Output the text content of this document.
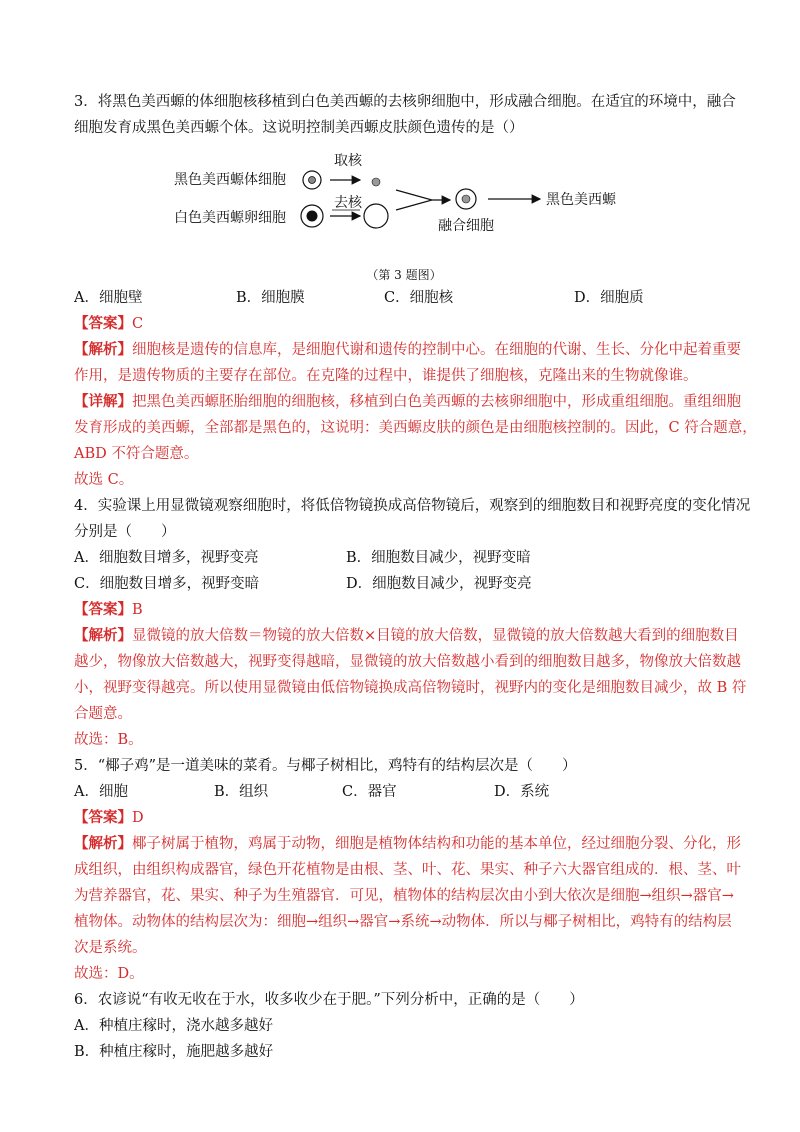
3．将黑色美西螈的体细胞核移植到白色美西螈的去核卵细胞中，形成融合细胞。在适宜的环境中，融合
细胞发育成黑色美西螈个体。这说明控制美西螈皮肤颜色遗传的是（）
黑色美西螈体细胞
白色美西螈卵细胞
取核
去核
融合细胞
黑色美西螈
（第 3 题图）
A．细胞壁	B．细胞膜	C．细胞核	D．细胞质
【答案】C
【解析】细胞核是遗传的信息库，是细胞代谢和遗传的控制中心。在细胞的代谢、生长、分化中起着重要
作用，是遗传物质的主要存在部位。在克隆的过程中，谁提供了细胞核，克隆出来的生物就像谁。
【详解】把黑色美西螈胚胎细胞的细胞核，移植到白色美西螈的去核卵细胞中，形成重组细胞。重组细胞
发育形成的美西螈，全部都是黑色的，这说明：美西螈皮肤的颜色是由细胞核控制的。因此，C 符合题意，
ABD 不符合题意。
故选 C。
4．实验课上用显微镜观察细胞时，将低倍物镜换成高倍物镜后，观察到的细胞数目和视野亮度的变化情况
分别是（　　）
A．细胞数目增多，视野变亮	B．细胞数目减少，视野变暗
C．细胞数目增多，视野变暗	D．细胞数目减少，视野变亮
【答案】B
【解析】显微镜的放大倍数＝物镜的放大倍数×目镜的放大倍数，显微镜的放大倍数越大看到的细胞数目
越少，物像放大倍数越大，视野变得越暗，显微镜的放大倍数越小看到的细胞数目越多，物像放大倍数越
小，视野变得越亮。所以使用显微镜由低倍物镜换成高倍物镜时，视野内的变化是细胞数目减少，故 B 符
合题意。
故选：B。
5．“椰子鸡”是一道美味的菜肴。与椰子树相比，鸡特有的结构层次是（　　）
A．细胞	B．组织	C．器官	D．系统
【答案】D
【解析】椰子树属于植物，鸡属于动物，细胞是植物体结构和功能的基本单位，经过细胞分裂、分化，形
成组织，由组织构成器官，绿色开花植物是由根、茎、叶、花、果实、种子六大器官组成的．根、茎、叶
为营养器官，花、果实、种子为生殖器官．可见，植物体的结构层次由小到大依次是细胞→组织→器官→
植物体。动物体的结构层次为：细胞→组织→器官→系统→动物体．所以与椰子树相比，鸡特有的结构层
次是系统。
故选：D。
6．农谚说“有收无收在于水，收多收少在于肥。”下列分析中，正确的是（　　）
A．种植庄稼时，浇水越多越好
B．种植庄稼时，施肥越多越好
